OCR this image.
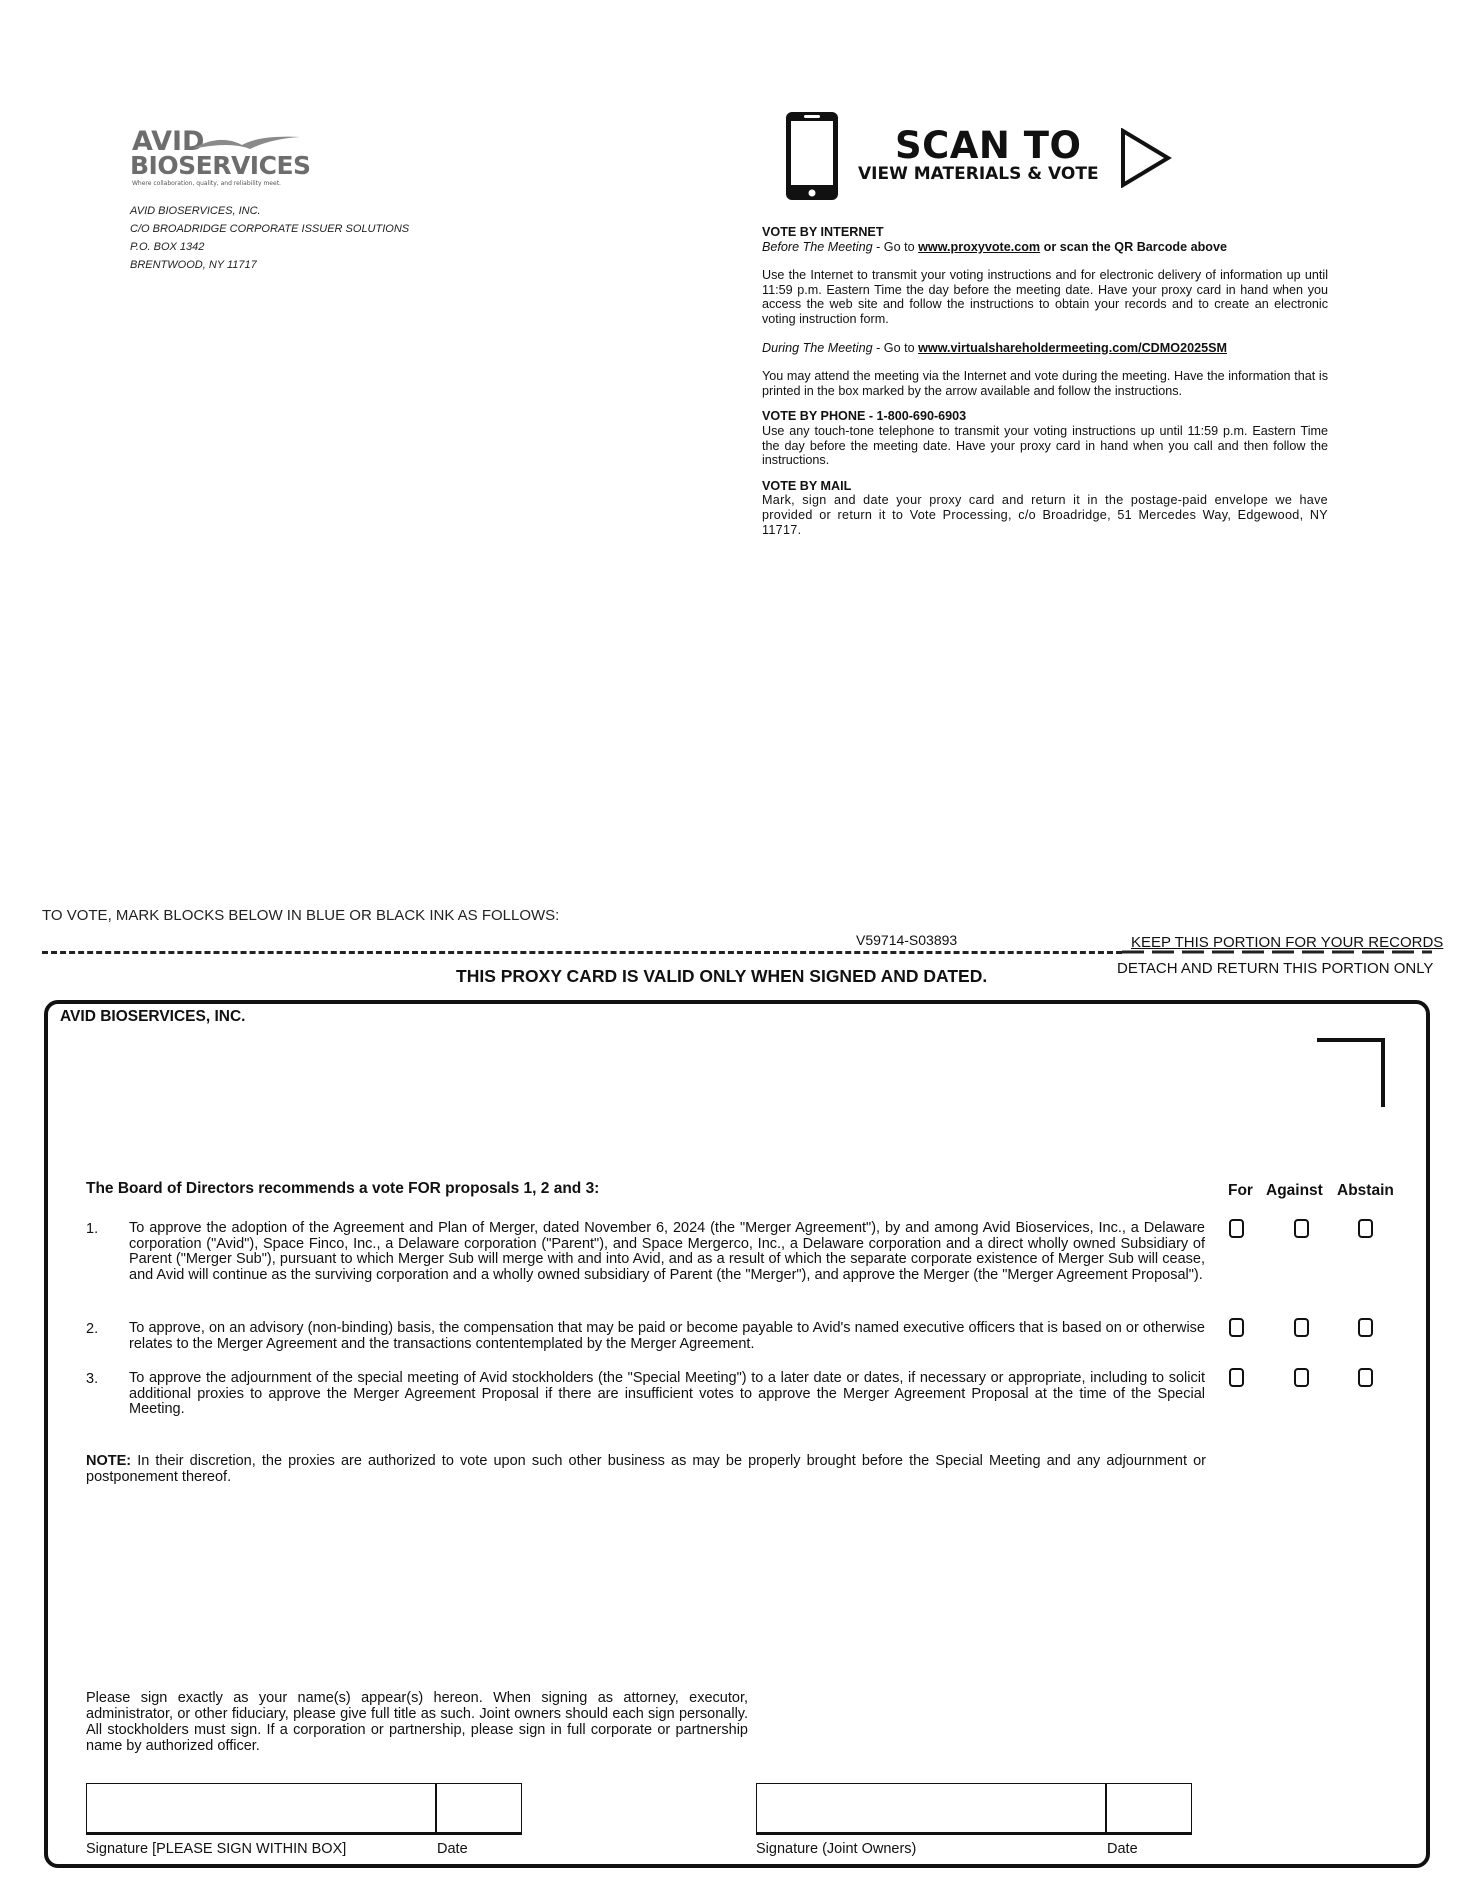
AVID
BIOSERVICES
Where collaboration, quality, and reliability meet.
AVID BIOSERVICES, INC.
C/O BROADRIDGE CORPORATE ISSUER SOLUTIONS
P.O. BOX 1342
BRENTWOOD, NY 11717
SCAN TO
VIEW MATERIALS & VOTE
VOTE BY INTERNET
Before The Meeting - Go to www.proxyvote.com or scan the QR Barcode above
Use the Internet to transmit your voting instructions and for electronic delivery of information up until 11:59 p.m. Eastern Time the day before the meeting date. Have your proxy card in hand when you access the web site and follow the instructions to obtain your records and to create an electronic voting instruction form.
During The Meeting - Go to www.virtualshareholdermeeting.com/CDMO2025SM
You may attend the meeting via the Internet and vote during the meeting. Have the information that is printed in the box marked by the arrow available and follow the instructions.
VOTE BY PHONE - 1-800-690-6903
Use any touch-tone telephone to transmit your voting instructions up until 11:59 p.m. Eastern Time the day before the meeting date. Have your proxy card in hand when you call and then follow the instructions.
VOTE BY MAIL
Mark, sign and date your proxy card and return it in the postage-paid envelope we have provided or return it to Vote Processing, c/o Broadridge, 51 Mercedes Way, Edgewood, NY 11717.
TO VOTE, MARK BLOCKS BELOW IN BLUE OR BLACK INK AS FOLLOWS:
V59714-S03893	KEEP THIS PORTION FOR YOUR RECORDS
DETACH AND RETURN THIS PORTION ONLY
THIS PROXY CARD IS VALID ONLY WHEN SIGNED AND DATED.
AVID BIOSERVICES, INC.
The Board of Directors recommends a vote FOR proposals 1, 2 and 3:	For Against Abstain
1. To approve the adoption of the Agreement and Plan of Merger, dated November 6, 2024 (the "Merger Agreement"), by and among Avid Bioservices, Inc., a Delaware corporation ("Avid"), Space Finco, Inc., a Delaware corporation ("Parent"), and Space Mergerco, Inc., a Delaware corporation and a direct wholly owned Subsidiary of Parent ("Merger Sub"), pursuant to which Merger Sub will merge with and into Avid, and as a result of which the separate corporate existence of Merger Sub will cease, and Avid will continue as the surviving corporation and a wholly owned subsidiary of Parent (the "Merger"), and approve the Merger (the "Merger Agreement Proposal").
2. To approve, on an advisory (non-binding) basis, the compensation that may be paid or become payable to Avid's named executive officers that is based on or otherwise relates to the Merger Agreement and the transactions contentemplated by the Merger Agreement.
3. To approve the adjournment of the special meeting of Avid stockholders (the "Special Meeting") to a later date or dates, if necessary or appropriate, including to solicit additional proxies to approve the Merger Agreement Proposal if there are insufficient votes to approve the Merger Agreement Proposal at the time of the Special Meeting.
NOTE: In their discretion, the proxies are authorized to vote upon such other business as may be properly brought before the Special Meeting and any adjournment or postponement thereof.
Please sign exactly as your name(s) appear(s) hereon. When signing as attorney, executor, administrator, or other fiduciary, please give full title as such. Joint owners should each sign personally. All stockholders must sign. If a corporation or partnership, please sign in full corporate or partnership name by authorized officer.
Signature [PLEASE SIGN WITHIN BOX]	Date	Signature (Joint Owners)	Date
